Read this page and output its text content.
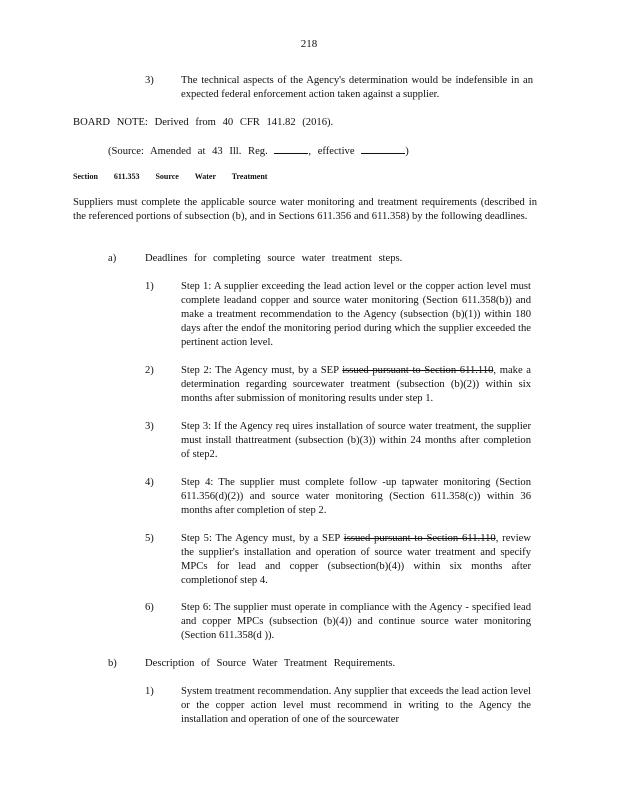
218
3)	The technical aspects of the Agency's determination would be indefensible in an expected federal enforcement action taken against a supplier.
BOARD NOTE: Derived from 40 CFR 141.82 (2016).
(Source: Amended at 43 Ill. Reg.	, effective	)
Section 611.353 Source Water Treatment
Suppliers must complete the applicable source water monitoring and treatment requirements (described in the referenced portions of subsection (b), and in Sections 611.356 and 611.358) by the following deadlines.
a)	Deadlines for completing source water treatment steps.
1)	Step 1: A supplier exceeding the lead action level or the copper action level must complete leadand copper and source water monitoring (Section 611.358(b)) and make a treatment recommendation to the Agency (subsection (b)(1)) within 180 days after the endof the monitoring period during which the supplier exceeded the pertinent action level.
2)	Step 2: The Agency must, by a SEP issued pursuant to Section 611.110, make a determination regarding sourcewater treatment (subsection (b)(2)) within six months after submission of monitoring results under step 1.
3)	Step 3: If the Agency req uires installation of source water treatment, the supplier must install thattreatment (subsection (b)(3)) within 24 months after completion of step2.
4)	Step 4: The supplier must complete follow -up tapwater monitoring (Section 611.356(d)(2)) and source water monitoring (Section 611.358(c)) within 36 months after completion of step 2.
5)	Step 5: The Agency must, by a SEP issued pursuant to Section 611.110, review the supplier's installation and operation of source water treatment and specify MPCs for lead and copper (subsection(b)(4)) within six months after completionof step 4.
6)	Step 6: The supplier must operate in compliance with the Agency - specified lead and copper MPCs (subsection (b)(4)) and continue source water monitoring (Section 611.358(d )).
b)	Description of Source Water Treatment Requirements.
1)	System treatment recommendation. Any supplier that exceeds the lead action level or the copper action level must recommend in writing to the Agency the installation and operation of one of the sourcewater
